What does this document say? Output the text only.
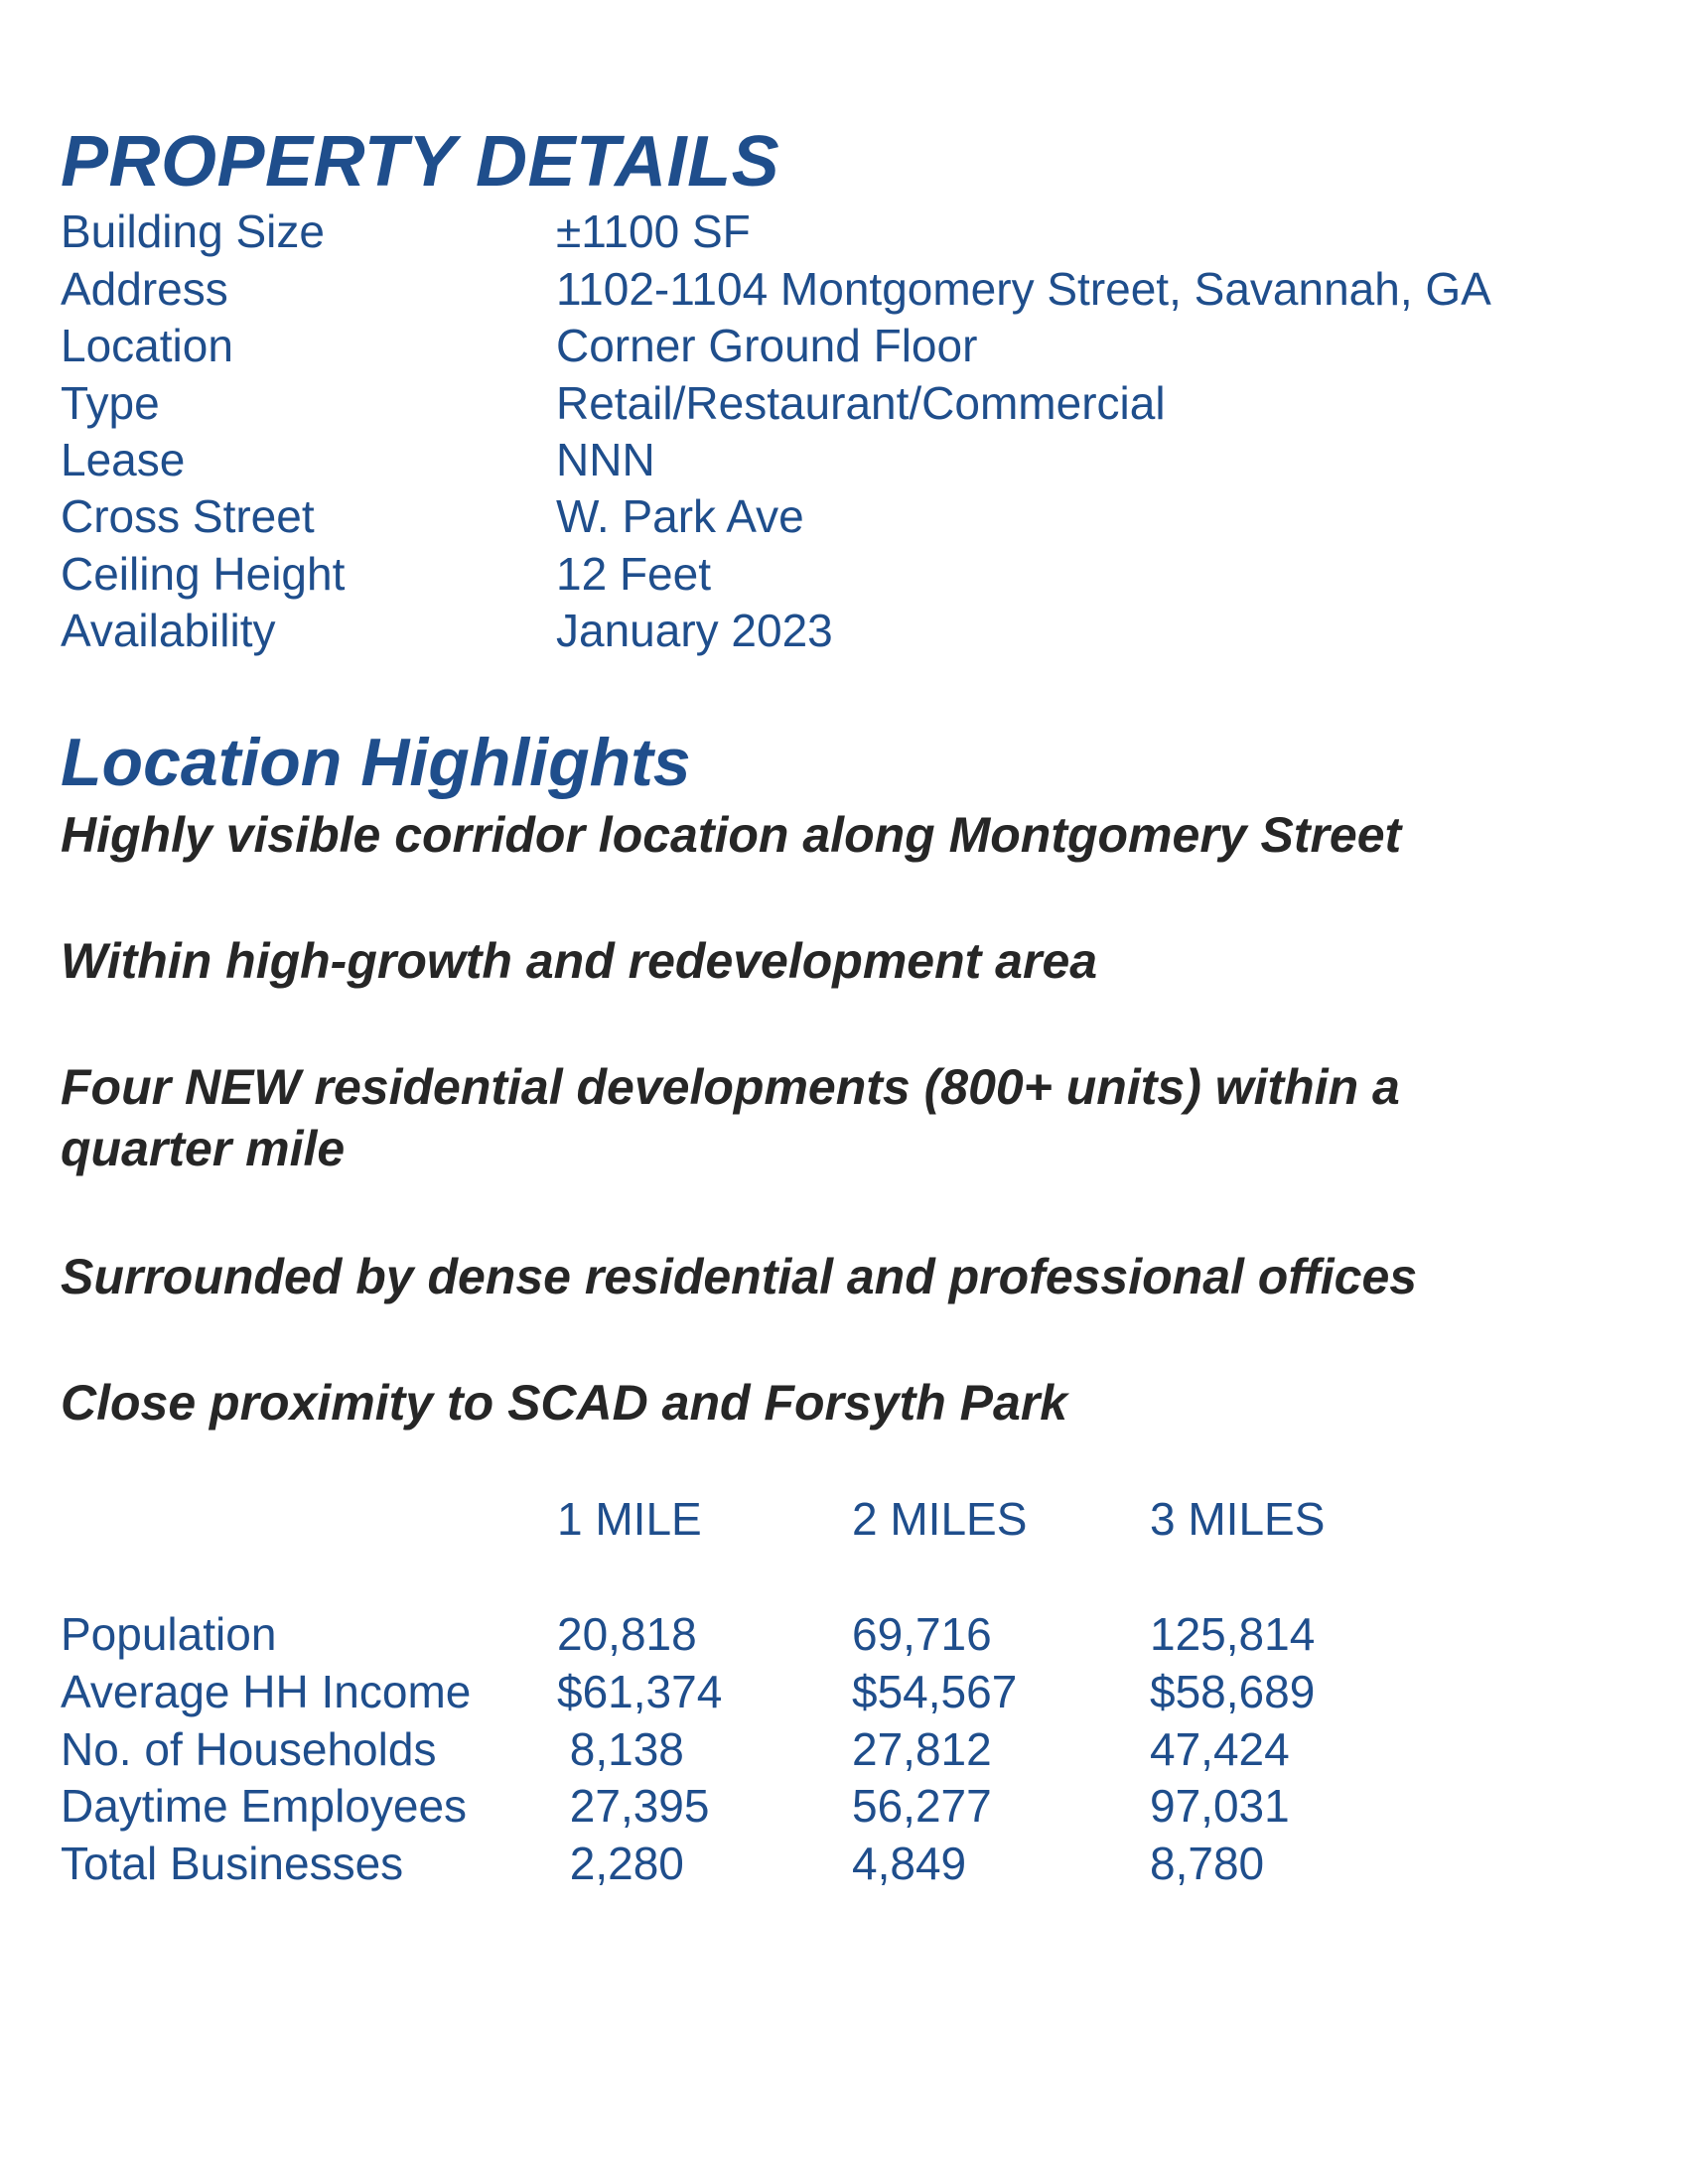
PROPERTY DETAILS
Building Size	±1100 SF
Address	1102-1104 Montgomery Street, Savannah, GA
Location	Corner Ground Floor
Type	Retail/Restaurant/Commercial
Lease	NNN
Cross Street	W. Park Ave
Ceiling Height	12 Feet
Availability	January 2023
Location Highlights
Highly visible corridor location along Montgomery Street
Within high-growth and redevelopment area
Four NEW residential developments (800+ units) within a quarter mile
Surrounded by dense residential and professional offices
Close proximity to SCAD and Forsyth Park
1 MILE	2 MILES	3 MILES
Population	20,818	69,716	125,814
Average HH Income $61,374	$54,567	$58,689
No. of Households	8,138	27,812	47,424
Daytime Employees 27,395	56,277	97,031
Total Businesses	2,280	4,849	8,780
